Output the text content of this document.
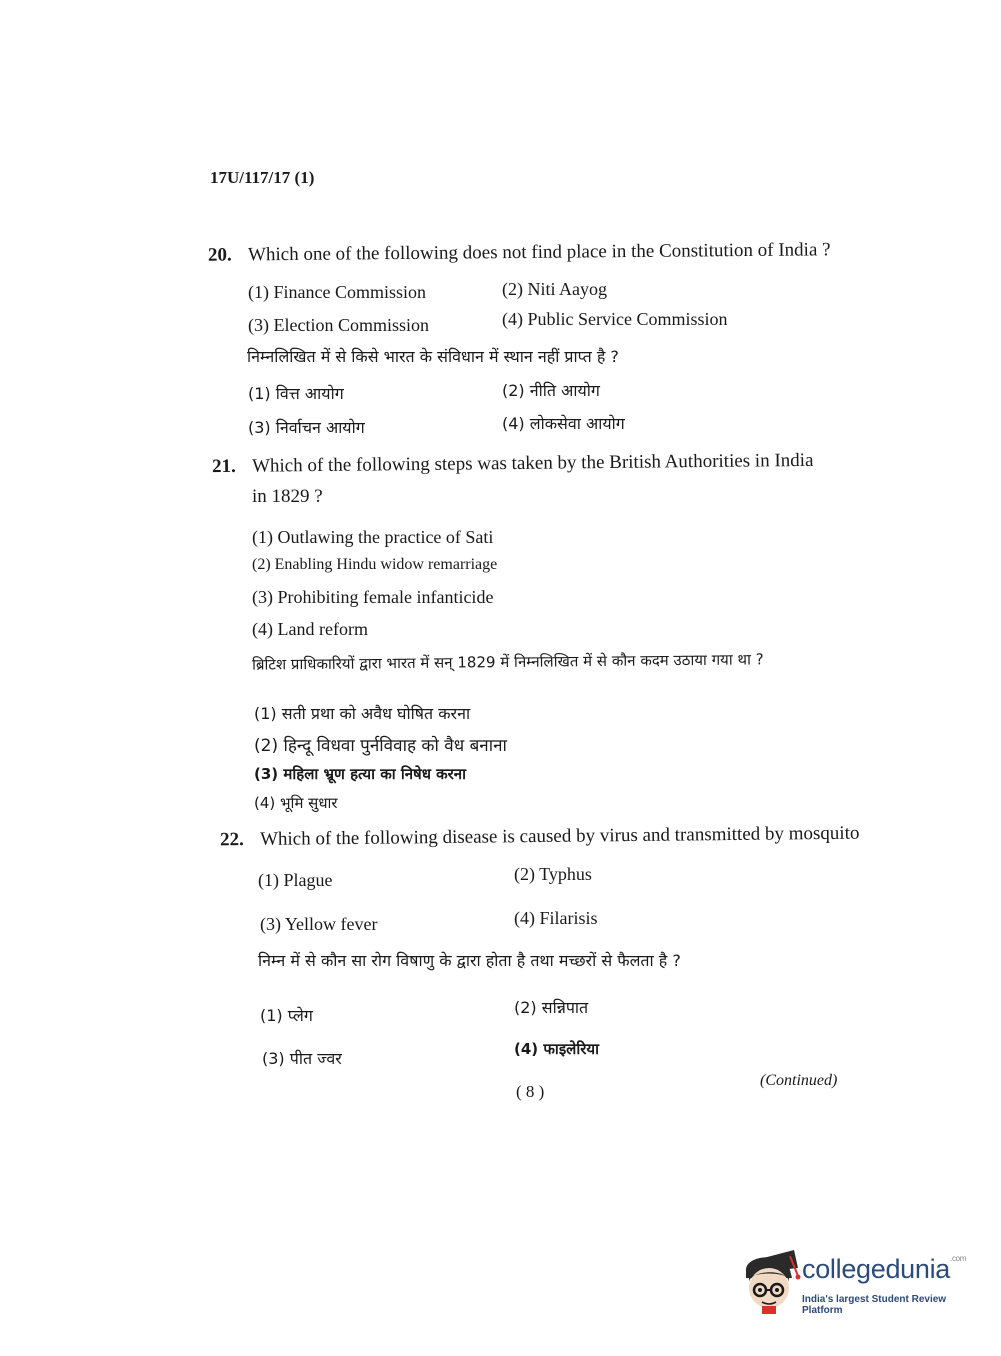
17U/117/17 (1)
20. Which one of the following does not find place in the Constitution of India ?
(1) Finance Commission	(2) Niti Aayog
(3) Election Commission	(4) Public Service Commission
निम्नलिखित में से किसे भारत के संविधान में स्थान नहीं प्राप्त है ?
(1) वित्त आयोग	(2) नीति आयोग
(3) निर्वाचन आयोग	(4) लोकसेवा आयोग
21. Which of the following steps was taken by the British Authorities in India
in 1829 ?
(1) Outlawing the practice of Sati
(2) Enabling Hindu widow remarriage
(3) Prohibiting female infanticide
(4) Land reform
ब्रिटिश प्राधिकारियों द्वारा भारत में सन् 1829 में निम्नलिखित में से कौन कदम उठाया गया था ?
(1) सती प्रथा को अवैध घोषित करना
(2) हिन्दू विधवा पुर्नविवाह को वैध बनाना
(3) महिला भ्रूण हत्या का निषेध करना
(4) भूमि सुधार
22. Which of the following disease is caused by virus and transmitted by mosquito
(1) Plague	(2) Typhus
(3) Yellow fever	(4) Filarisis
निम्न में से कौन सा रोग विषाणु के द्वारा होता है तथा मच्छरों से फैलता है ?
(1) प्लेग	(2) सन्निपात
(3) पीत ज्वर	(4) फाइलेरिया
( 8 )
(Continued)
collegedunia$^{.com}$
India's largest Student Review Platform
